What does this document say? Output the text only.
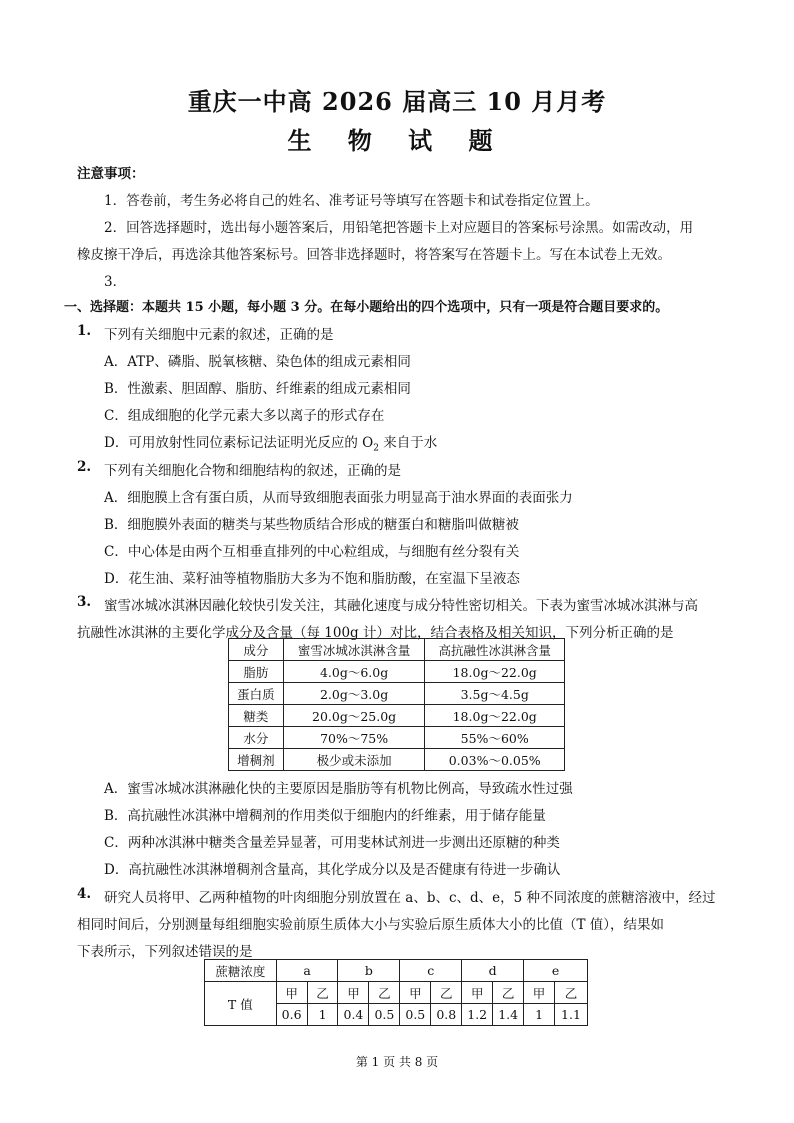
重庆一中高 2026 届高三 10 月月考
生 物 试 题
注意事项：
1．答卷前，考生务必将自己的姓名、准考证号等填写在答题卡和试卷指定位置上。
2．回答选择题时，选出每小题答案后，用铅笔把答题卡上对应题目的答案标号涂黑。如需改动，用
橡皮擦干净后，再选涂其他答案标号。回答非选择题时，将答案写在答题卡上。写在本试卷上无效。
3．
一、选择题：本题共 15 小题，每小题 3 分。在每小题给出的四个选项中，只有一项是符合题目要求的。
1. 下列有关细胞中元素的叙述，正确的是
A．ATP、磷脂、脱氧核糖、染色体的组成元素相同
B．性激素、胆固醇、脂肪、纤维素的组成元素相同
C．组成细胞的化学元素大多以离子的形式存在
D．可用放射性同位素标记法证明光反应的 $O_2$ 来自于水
2. 下列有关细胞化合物和细胞结构的叙述，正确的是
A．细胞膜上含有蛋白质，从而导致细胞表面张力明显高于油水界面的表面张力
B．细胞膜外表面的糖类与某些物质结合形成的糖蛋白和糖脂叫做糖被
C．中心体是由两个互相垂直排列的中心粒组成，与细胞有丝分裂有关
D．花生油、菜籽油等植物脂肪大多为不饱和脂肪酸，在室温下呈液态
3. 蜜雪冰城冰淇淋因融化较快引发关注，其融化速度与成分特性密切相关。下表为蜜雪冰城冰淇淋与高
抗融性冰淇淋的主要化学成分及含量（每 100g 计）对比，结合表格及相关知识，下列分析正确的是
成分	蜜雪冰城冰淇淋含量	高抗融性冰淇淋含量
脂肪	4.0g～6.0g	18.0g～22.0g
蛋白质	2.0g～3.0g	3.5g～4.5g
糖类	20.0g～25.0g	18.0g～22.0g
水分	70%～75%	55%～60%
增稠剂	极少或未添加	0.03%～0.05%
A．蜜雪冰城冰淇淋融化快的主要原因是脂肪等有机物比例高，导致疏水性过强
B．高抗融性冰淇淋中增稠剂的作用类似于细胞内的纤维素，用于储存能量
C．两种冰淇淋中糖类含量差异显著，可用斐林试剂进一步测出还原糖的种类
D．高抗融性冰淇淋增稠剂含量高，其化学成分以及是否健康有待进一步确认
4. 研究人员将甲、乙两种植物的叶肉细胞分别放置在 a、b、c、d、e，5 种不同浓度的蔗糖溶液中，经过
相同时间后，分别测量每组细胞实验前原生质体大小与实验后原生质体大小的比值（T 值），结果如
下表所示，下列叙述错误的是
蔗糖浓度	a		b		c		d		e	
T 值	甲	乙	甲	乙	甲	乙	甲	乙	甲	乙
	0.6	1	0.4	0.5	0.5	0.8	1.2	1.4	1	1.1
第 1 页 共 8 页
